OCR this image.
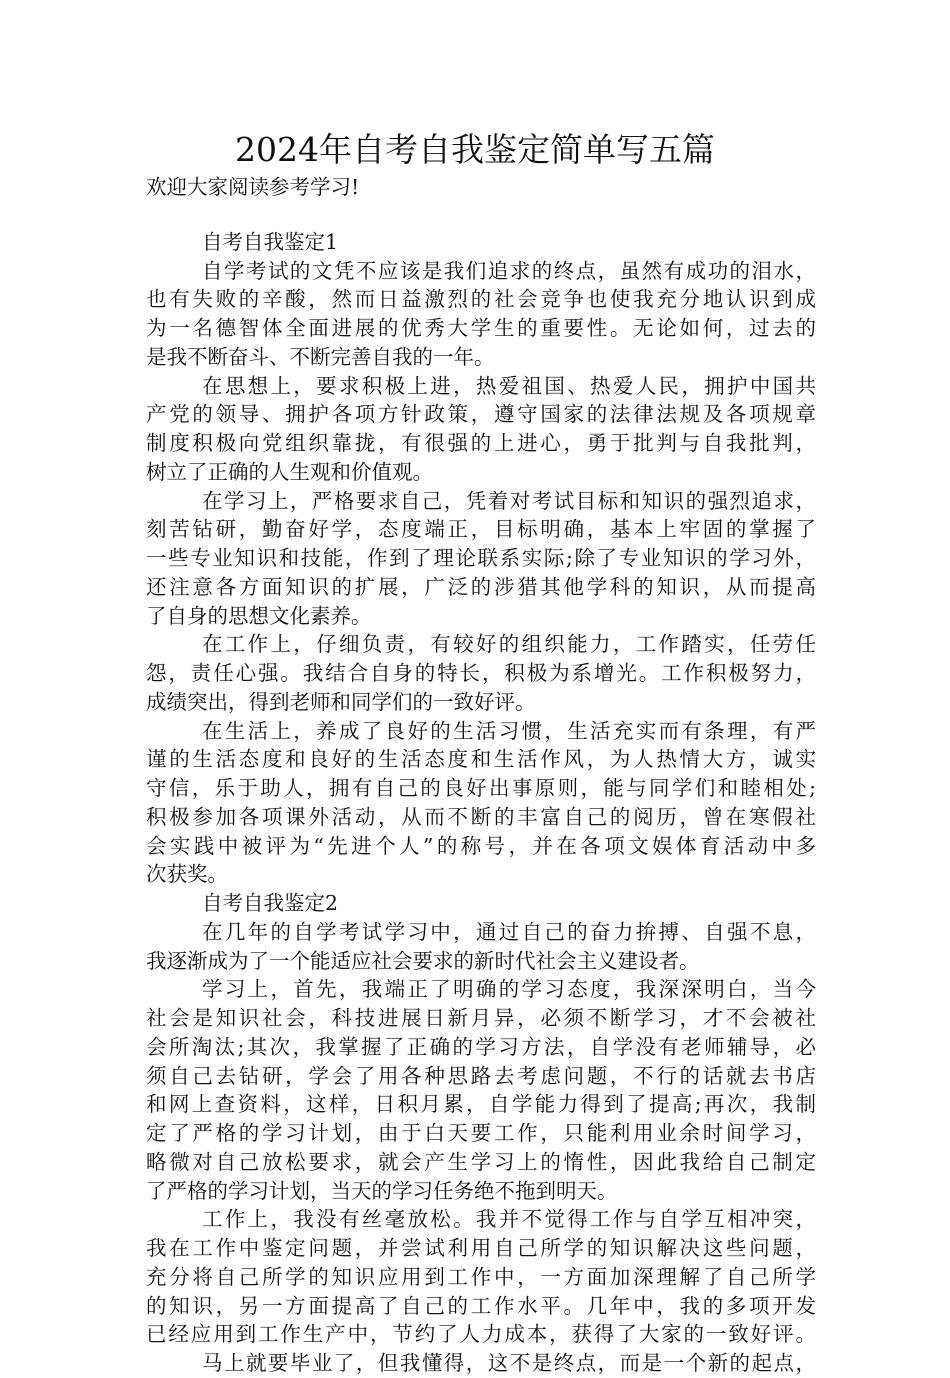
2024年自考自我鉴定简单写五篇
欢迎大家阅读参考学习!
自考自我鉴定1
自学考试的文凭不应该是我们追求的终点，虽然有成功的泪水，
也有失败的辛酸，然而日益激烈的社会竞争也使我充分地认识到成
为一名德智体全面进展的优秀大学生的重要性。无论如何，过去的
是我不断奋斗、不断完善自我的一年。
在思想上，要求积极上进，热爱祖国、热爱人民，拥护中国共
产党的领导、拥护各项方针政策，遵守国家的法律法规及各项规章
制度积极向党组织靠拢，有很强的上进心，勇于批判与自我批判，
树立了正确的人生观和价值观。
在学习上，严格要求自己，凭着对考试目标和知识的强烈追求，
刻苦钻研，勤奋好学，态度端正，目标明确，基本上牢固的掌握了
一些专业知识和技能，作到了理论联系实际;除了专业知识的学习外，
还注意各方面知识的扩展，广泛的涉猎其他学科的知识，从而提高
了自身的思想文化素养。
在工作上，仔细负责，有较好的组织能力，工作踏实，任劳任
怨，责任心强。我结合自身的特长，积极为系增光。工作积极努力，
成绩突出，得到老师和同学们的一致好评。
在生活上，养成了良好的生活习惯，生活充实而有条理，有严
谨的生活态度和良好的生活态度和生活作风，为人热情大方，诚实
守信，乐于助人，拥有自己的良好出事原则，能与同学们和睦相处;
积极参加各项课外活动，从而不断的丰富自己的阅历，曾在寒假社
会实践中被评为“先进个人”的称号，并在各项文娱体育活动中多
次获奖。
自考自我鉴定2
在几年的自学考试学习中，通过自己的奋力拚搏、自强不息，
我逐渐成为了一个能适应社会要求的新时代社会主义建设者。
学习上，首先，我端正了明确的学习态度，我深深明白，当今
社会是知识社会，科技进展日新月异，必须不断学习，才不会被社
会所淘汰;其次，我掌握了正确的学习方法，自学没有老师辅导，必
须自己去钻研，学会了用各种思路去考虑问题，不行的话就去书店
和网上查资料，这样，日积月累，自学能力得到了提高;再次，我制
定了严格的学习计划，由于白天要工作，只能利用业余时间学习，
略微对自己放松要求，就会产生学习上的惰性，因此我给自己制定
了严格的学习计划，当天的学习任务绝不拖到明天。
工作上，我没有丝毫放松。我并不觉得工作与自学互相冲突，
我在工作中鉴定问题，并尝试利用自己所学的知识解决这些问题，
充分将自己所学的知识应用到工作中，一方面加深理解了自己所学
的知识，另一方面提高了自己的工作水平。几年中，我的多项开发
已经应用到工作生产中，节约了人力成本，获得了大家的一致好评。
马上就要毕业了，但我懂得，这不是终点，而是一个新的起点，
